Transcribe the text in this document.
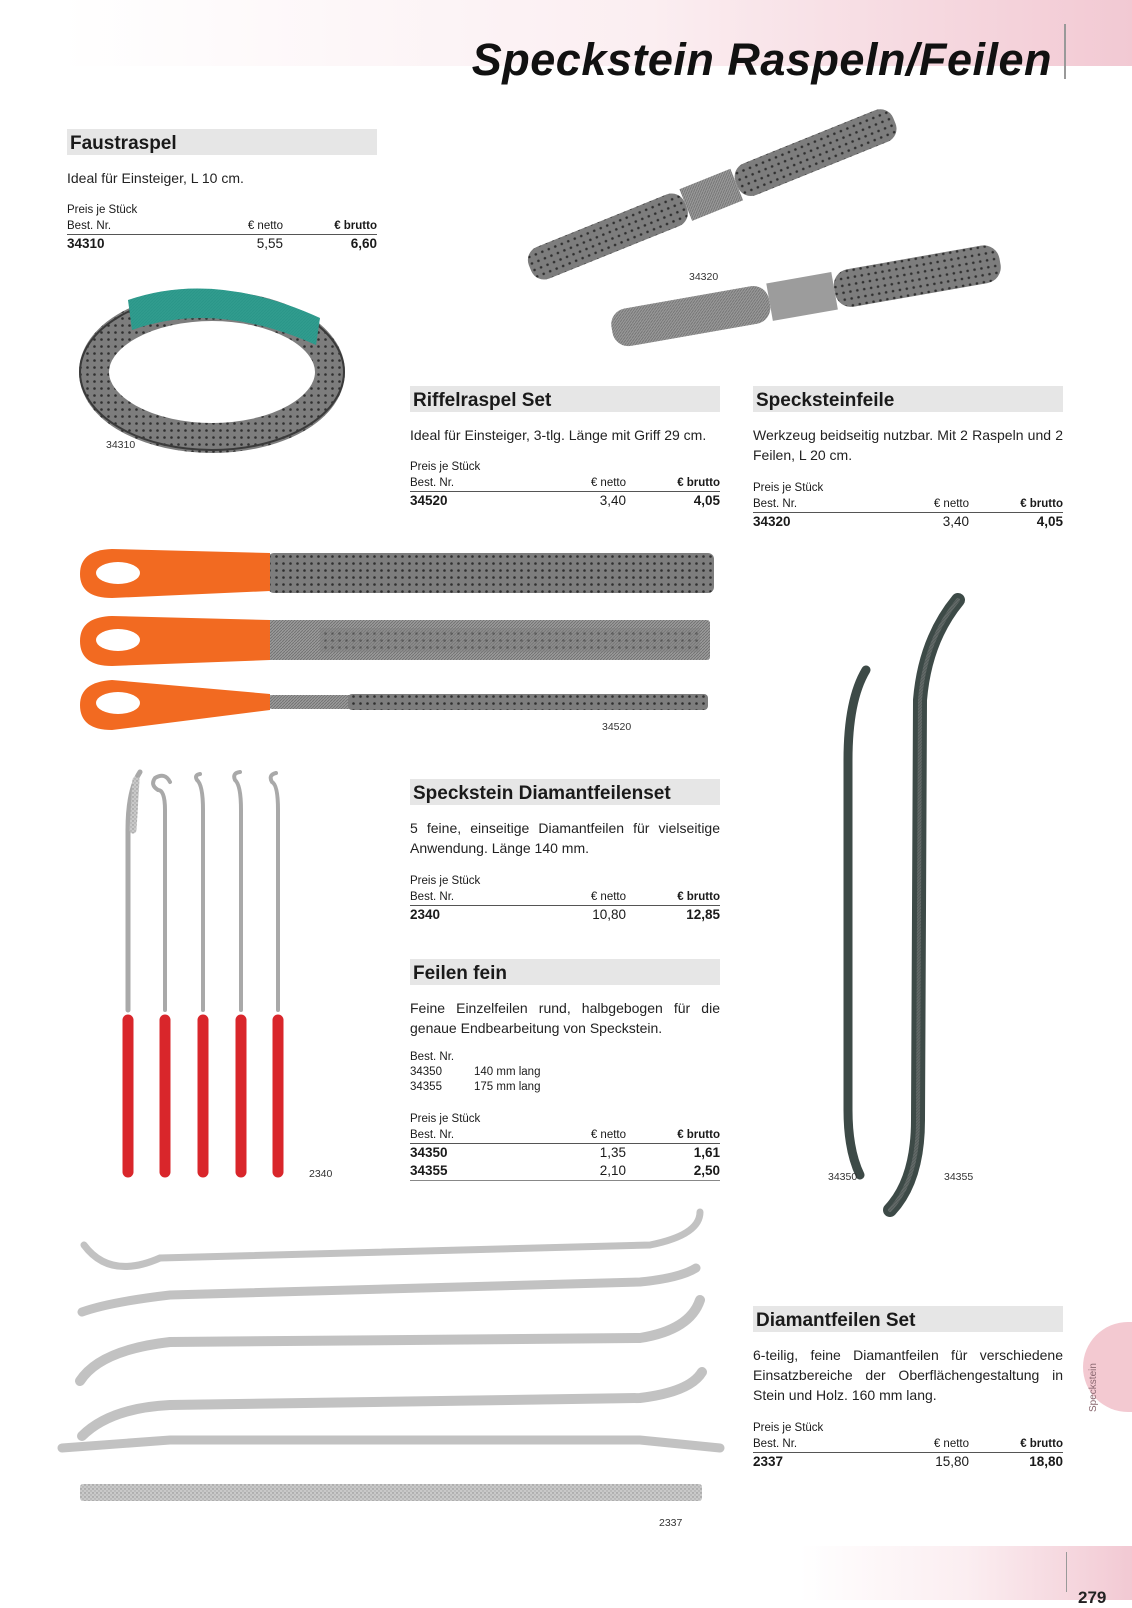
Speckstein Raspeln/Feilen
Faustraspel
Ideal für Einsteiger, L 10 cm.
Preis je Stück
Best. Nr.	€ netto	€ brutto
34310	5,55	6,60
Riffelraspel Set
Ideal für Einsteiger, 3-tlg. Länge mit Griff 29 cm.
Preis je Stück
Best. Nr.	€ netto	€ brutto
34520	3,40	4,05
Specksteinfeile
Werkzeug beidseitig nutzbar. Mit 2 Raspeln und 2 Feilen, L 20 cm.
Preis je Stück
Best. Nr.	€ netto	€ brutto
34320	3,40	4,05
Speckstein Diamantfeilenset
5 feine, einseitige Diamantfeilen für vielseitige Anwendung. Länge 140 mm.
Preis je Stück
Best. Nr.	€ netto	€ brutto
2340	10,80	12,85
Feilen fein
Feine Einzelfeilen rund, halbgebogen für die genaue Endbearbeitung von Speckstein.
Best. Nr.
34350	140 mm lang
34355	175 mm lang
Preis je Stück
Best. Nr.	€ netto	€ brutto
34350	1,35	1,61
34355	2,10	2,50
Diamantfeilen Set
6-teilig, feine Diamantfeilen für verschiedene Einsatzbereiche der Oberflächengestaltung in Stein und Holz. 160 mm lang.
Preis je Stück
Best. Nr.	€ netto	€ brutto
2337	15,80	18,80
34320
34310
34520
2340	34350	34355
2337
Speckstein
279
